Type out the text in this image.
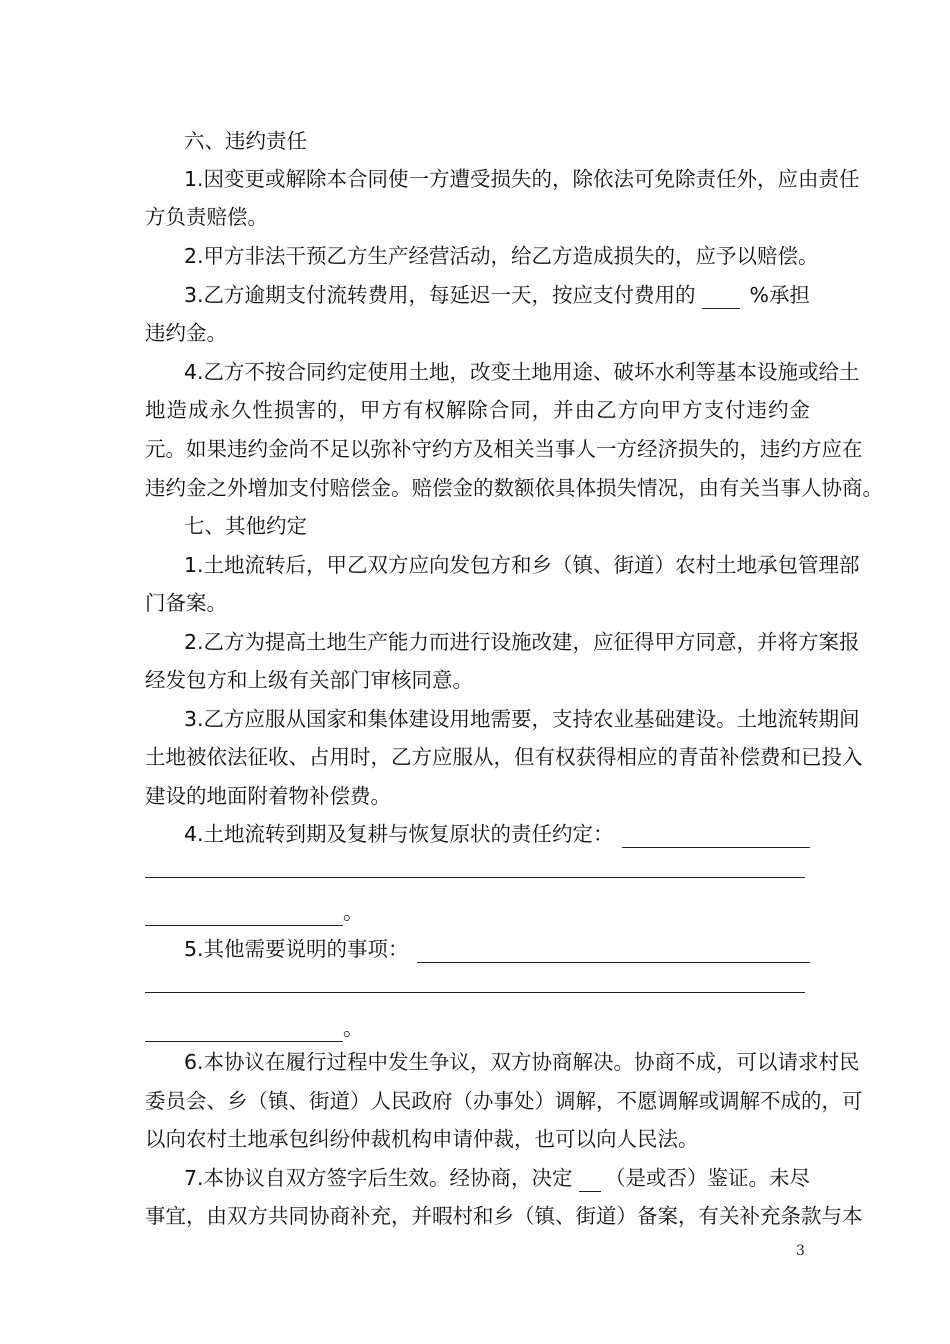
六、违约责任
1.因变更或解除本合同使一方遭受损失的，除依法可免除责任外，应由责任
方负责赔偿。
2.甲方非法干预乙方生产经营活动，给乙方造成损失的，应予以赔偿。
3.乙方逾期支付流转费用，每延迟一天，按应支付费用的	%承担
违约金。
4.乙方不按合同约定使用土地，改变土地用途、破坏水利等基本设施或给土
地造成永久性损害的，甲方有权解除合同，并由乙方向甲方支付违约金
元。如果违约金尚不足以弥补守约方及相关当事人一方经济损失的，违约方应在
违约金之外增加支付赔偿金。赔偿金的数额依具体损失情况，由有关当事人协商。
七、其他约定
1.土地流转后，甲乙双方应向发包方和乡（镇、街道）农村土地承包管理部
门备案。
2.乙方为提高土地生产能力而进行设施改建，应征得甲方同意，并将方案报
经发包方和上级有关部门审核同意。
3.乙方应服从国家和集体建设用地需要，支持农业基础建设。土地流转期间
土地被依法征收、占用时，乙方应服从，但有权获得相应的青苗补偿费和已投入
建设的地面附着物补偿费。
4.土地流转到期及复耕与恢复原状的责任约定：
。
5.其他需要说明的事项：
。
6.本协议在履行过程中发生争议，双方协商解决。协商不成，可以请求村民
委员会、乡（镇、街道）人民政府（办事处）调解，不愿调解或调解不成的，可
以向农村土地承包纠纷仲裁机构申请仲裁，也可以向人民法。
7.本协议自双方签字后生效。经协商，决定 （是或否）鉴证。未尽
事宜，由双方共同协商补充，并暇村和乡（镇、街道）备案，有关补充条款与本
3
